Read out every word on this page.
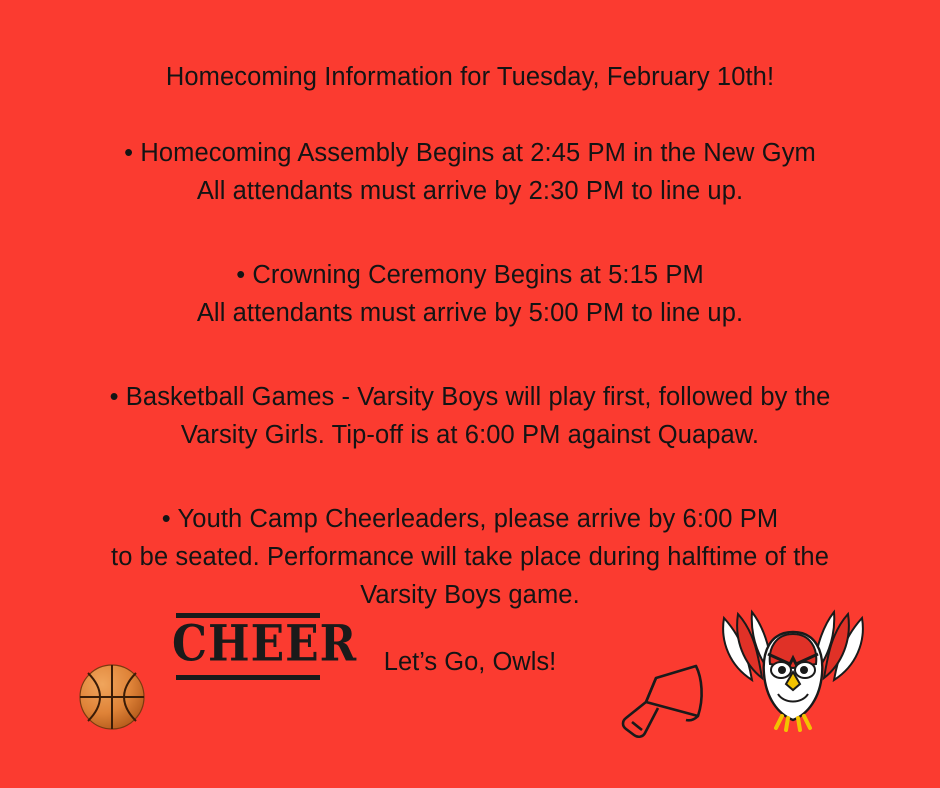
Homecoming Information for Tuesday, February 10th!

• Homecoming Assembly Begins at 2:45 PM in the New Gym
All attendants must arrive by 2:30 PM to line up.

• Crowning Ceremony Begins at 5:15 PM
All attendants must arrive by 5:00 PM to line up.

• Basketball Games - Varsity Boys will play first, followed by the
Varsity Girls. Tip-off is at 6:00 PM against Quapaw.

• Youth Camp Cheerleaders, please arrive by 6:00 PM
to be seated. Performance will take place during halftime of the
Varsity Boys game.

Let’s Go, Owls!
CHEER
